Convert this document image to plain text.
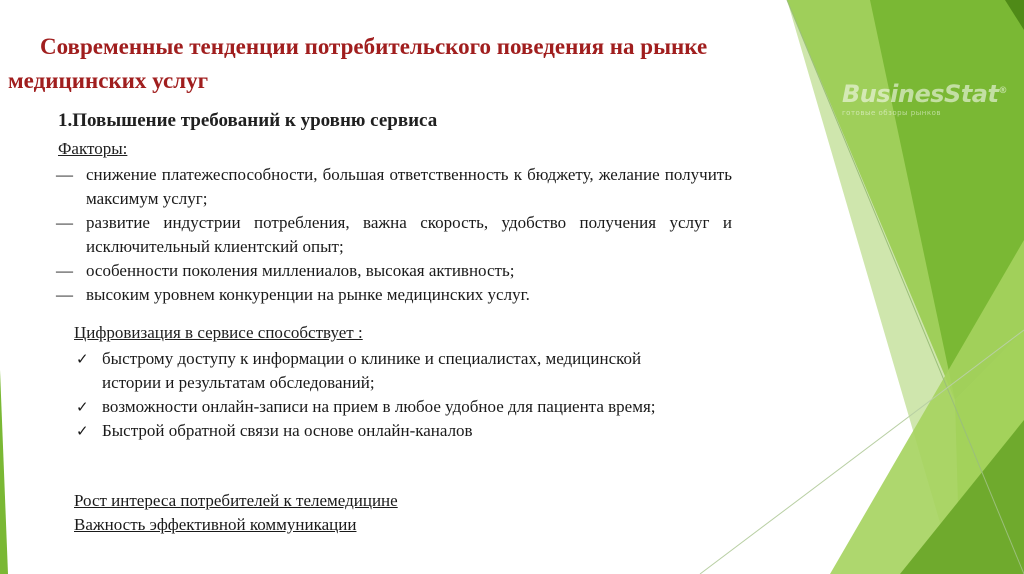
BusinesStat®
готовые обзоры рынков
Современные тенденции потребительского поведения на рынке медицинских услуг
1.Повышение требований к уровню сервиса
Факторы:
— снижение платежеспособности, большая ответственность к бюджету, желание получить максимум услуг;
— развитие индустрии потребления, важна скорость, удобство получения услуг и исключительный клиентский опыт;
— особенности поколения миллениалов, высокая активность;
— высоким уровнем конкуренции на рынке медицинских услуг.
Цифровизация в сервисе способствует :
✓ быстрому доступу к информации о клинике и специалистах, медицинской истории и результатам обследований;
✓ возможности онлайн-записи на прием в любое удобное для пациента время;
✓ Быстрой обратной связи на основе онлайн-каналов
Рост интереса потребителей к телемедицине
Важность эффективной коммуникации
